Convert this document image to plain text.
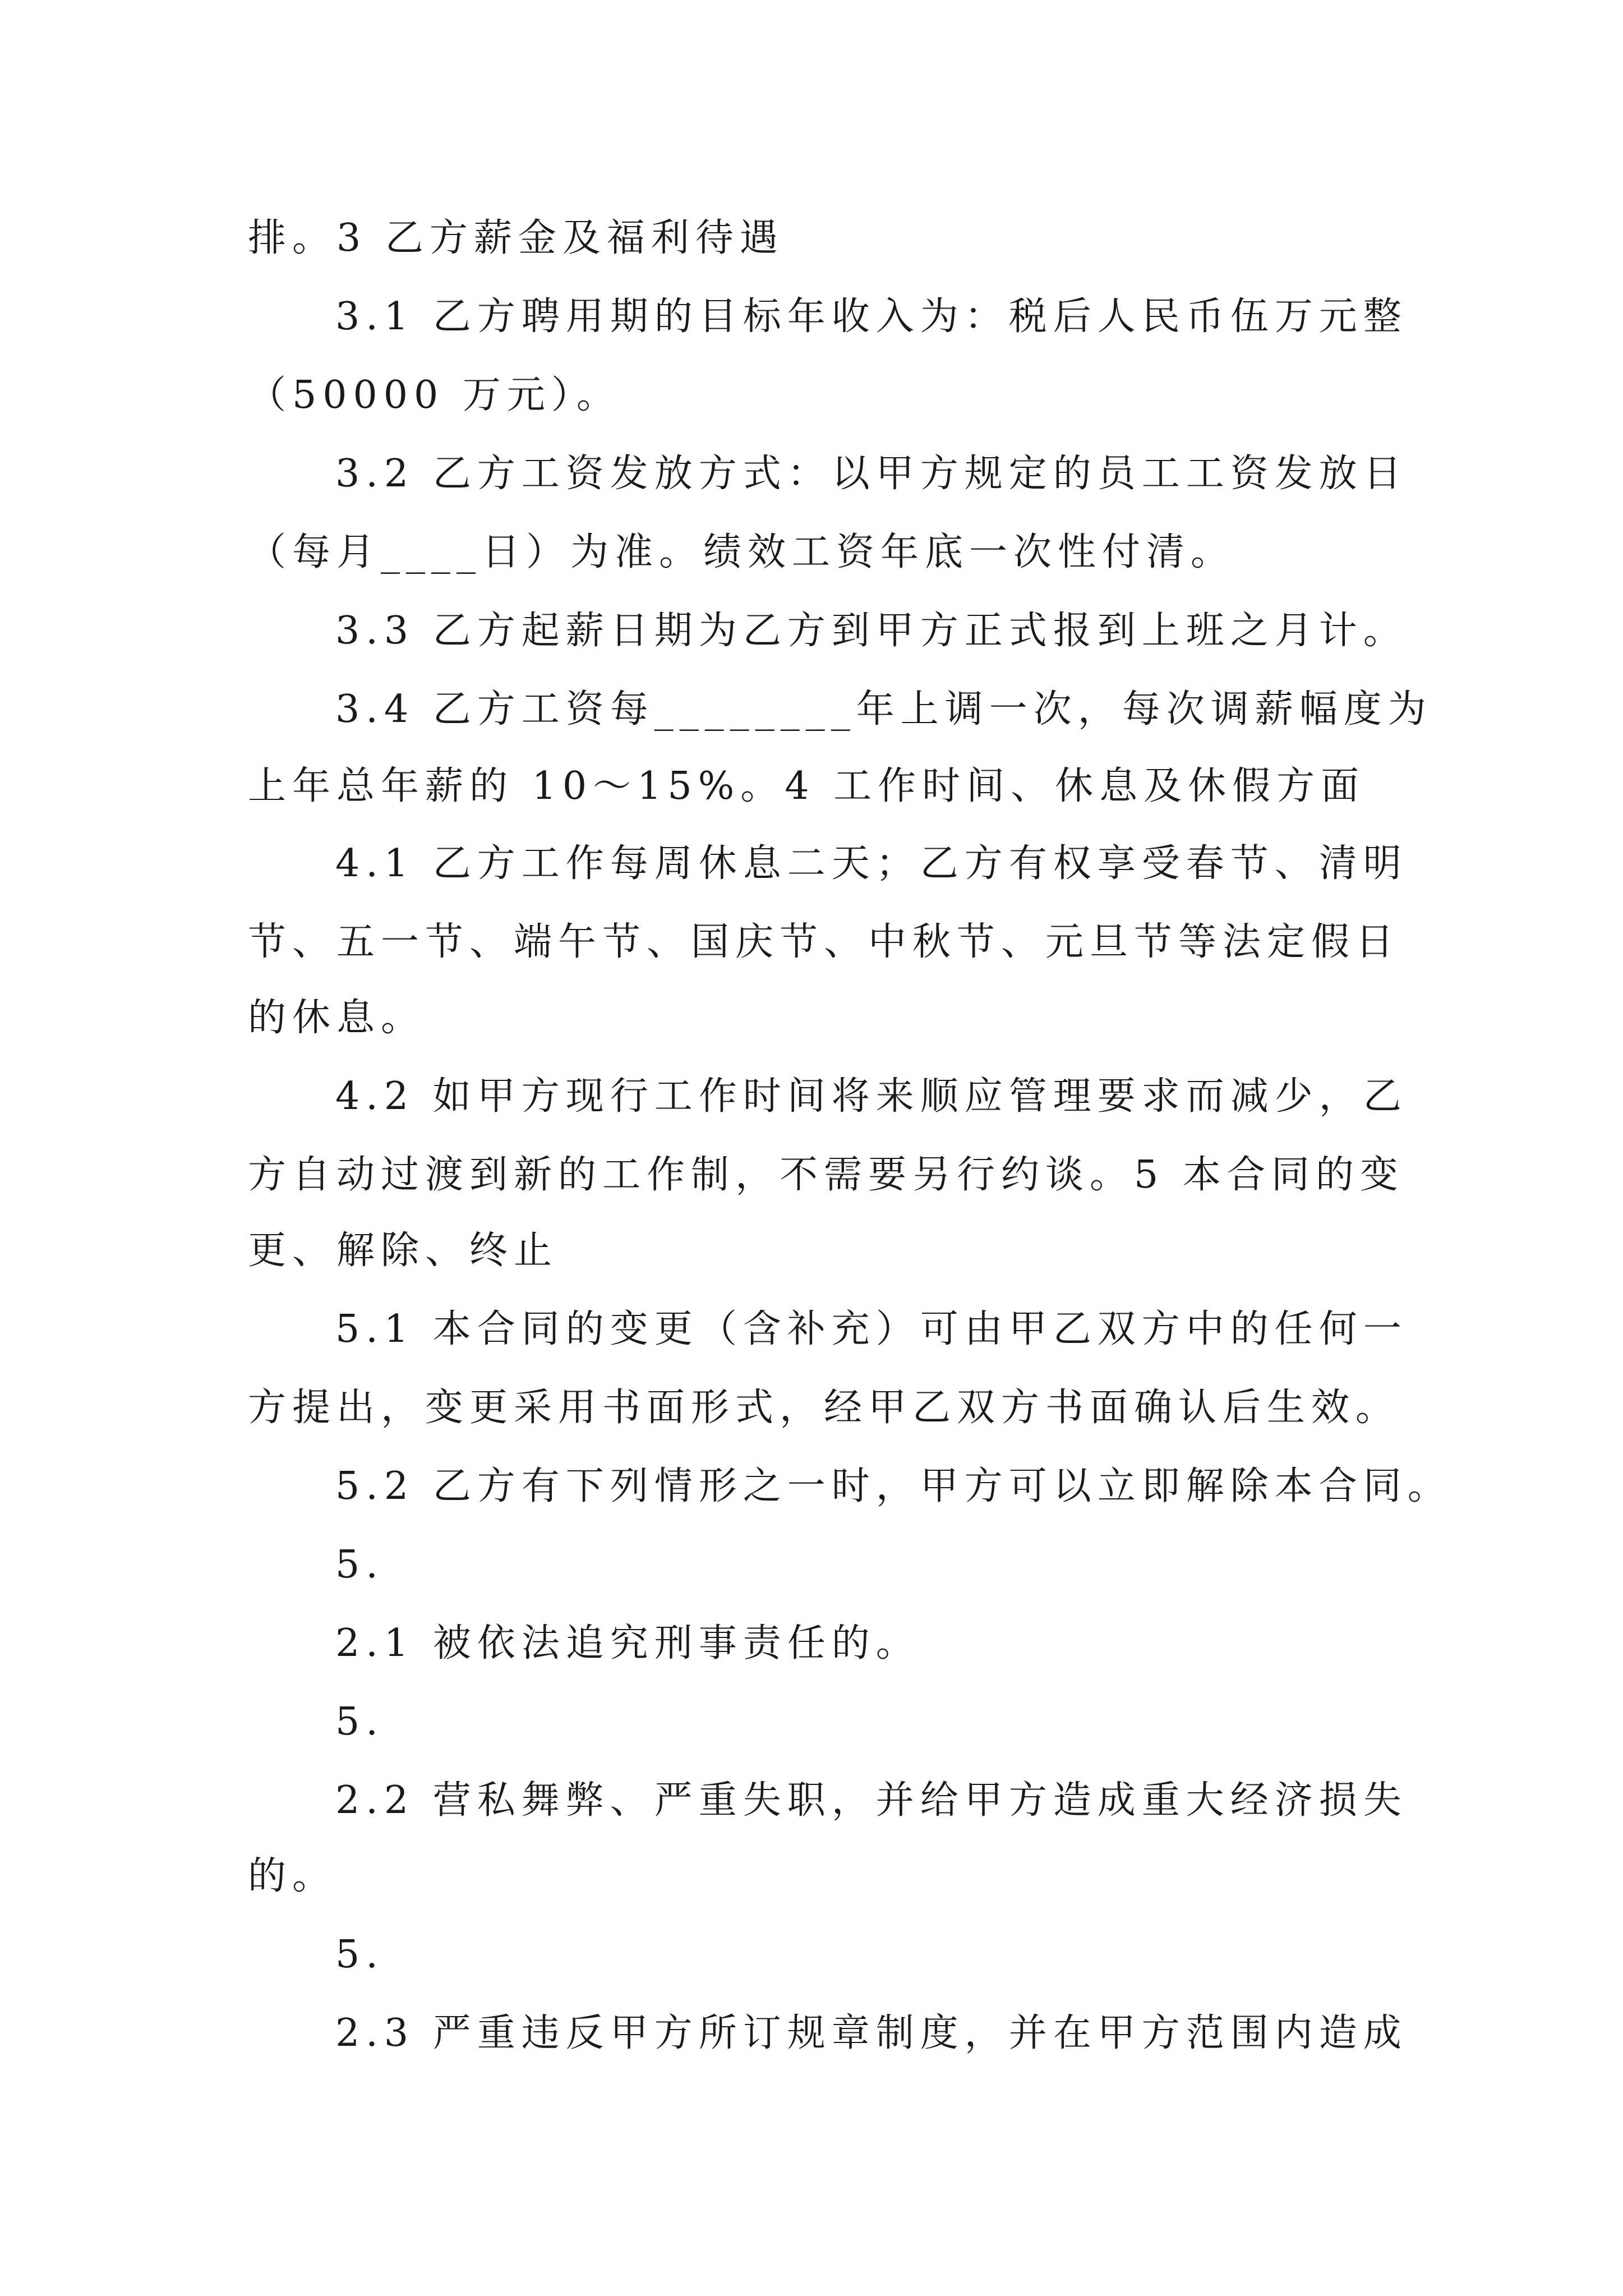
排。3 乙方薪金及福利待遇
3.1 乙方聘用期的目标年收入为：税后人民币伍万元整
（50000 万元）。
3.2 乙方工资发放方式：以甲方规定的员工工资发放日
（每月____日）为准。绩效工资年底一次性付清。
3.3 乙方起薪日期为乙方到甲方正式报到上班之月计。
3.4 乙方工资每________年上调一次，每次调薪幅度为
上年总年薪的 10～15%。4 工作时间、休息及休假方面
4.1 乙方工作每周休息二天；乙方有权享受春节、清明
节、五一节、端午节、国庆节、中秋节、元旦节等法定假日
的休息。
4.2 如甲方现行工作时间将来顺应管理要求而减少，乙
方自动过渡到新的工作制，不需要另行约谈。5 本合同的变
更、解除、终止
5.1 本合同的变更（含补充）可由甲乙双方中的任何一
方提出，变更采用书面形式，经甲乙双方书面确认后生效。
5.2 乙方有下列情形之一时，甲方可以立即解除本合同。
5.
2.1 被依法追究刑事责任的。
5.
2.2 营私舞弊、严重失职，并给甲方造成重大经济损失
的。
5.
2.3 严重违反甲方所订规章制度，并在甲方范围内造成
